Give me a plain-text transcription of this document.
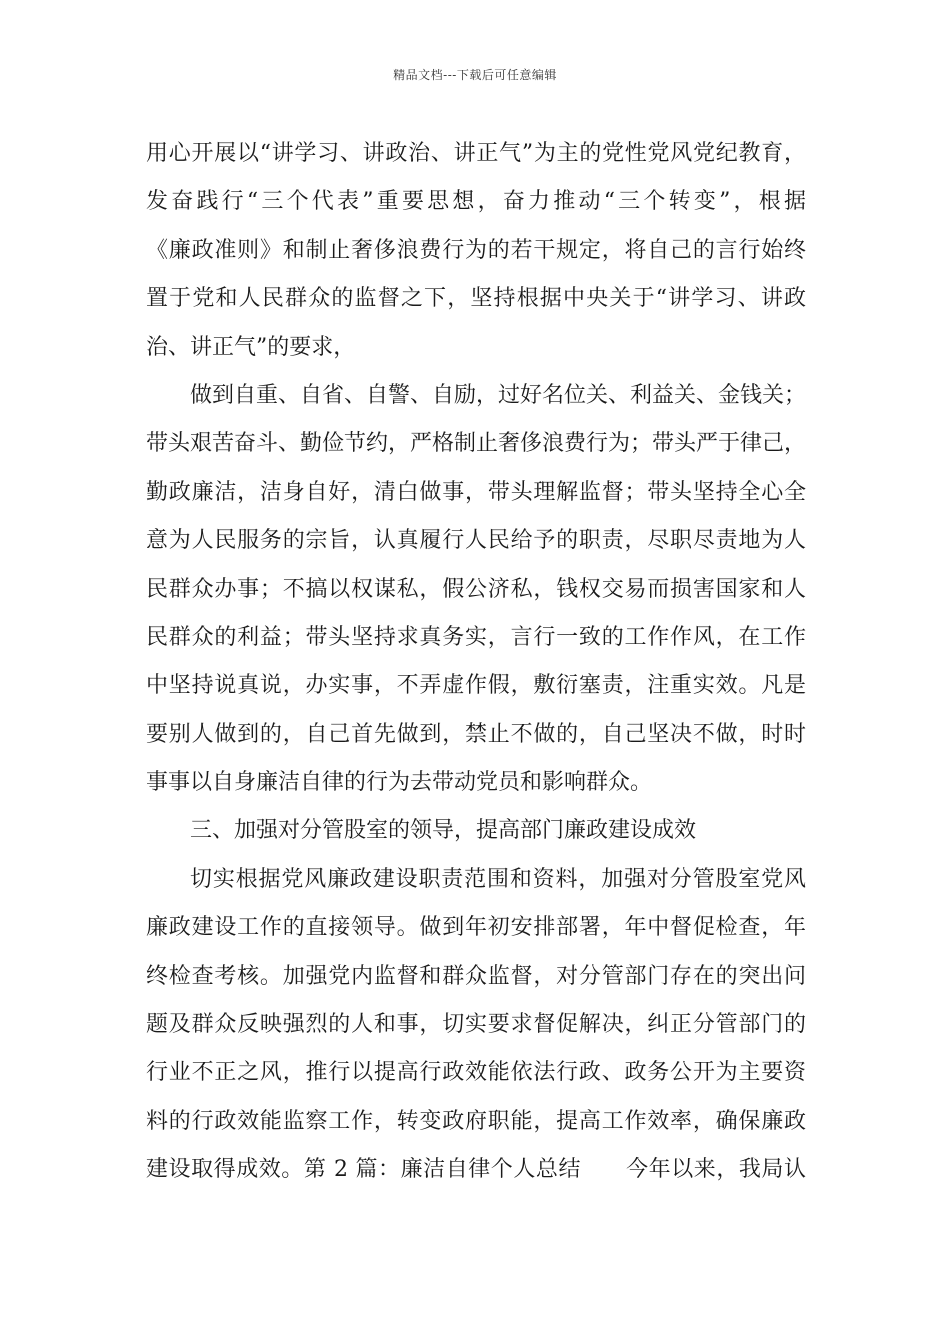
精品文档---下载后可任意编辑
用心开展以“讲学习、讲政治、讲正气”为主的党性党风党纪教育，
发奋践行“三个代表”重要思想，奋力推动“三个转变”，根据
《廉政准则》和制止奢侈浪费行为的若干规定，将自己的言行始终
置于党和人民群众的监督之下，坚持根据中央关于“讲学习、讲政
治、讲正气”的要求，
做到自重、自省、自警、自励，过好名位关、利益关、金钱关；
带头艰苦奋斗、勤俭节约，严格制止奢侈浪费行为；带头严于律己，
勤政廉洁，洁身自好，清白做事，带头理解监督；带头坚持全心全
意为人民服务的宗旨，认真履行人民给予的职责，尽职尽责地为人
民群众办事；不搞以权谋私，假公济私，钱权交易而损害国家和人
民群众的利益；带头坚持求真务实，言行一致的工作作风，在工作
中坚持说真说，办实事，不弄虚作假，敷衍塞责，注重实效。凡是
要别人做到的，自己首先做到，禁止不做的，自己坚决不做，时时
事事以自身廉洁自律的行为去带动党员和影响群众。
三、加强对分管股室的领导，提高部门廉政建设成效
切实根据党风廉政建设职责范围和资料，加强对分管股室党风
廉政建设工作的直接领导。做到年初安排部署，年中督促检查，年
终检查考核。加强党内监督和群众监督，对分管部门存在的突出问
题及群众反映强烈的人和事，切实要求督促解决，纠正分管部门的
行业不正之风，推行以提高行政效能依法行政、政务公开为主要资
料的行政效能监察工作，转变政府职能，提高工作效率，确保廉政
建设取得成效。第 2 篇：廉洁自律个人总结　　今年以来，我局认
